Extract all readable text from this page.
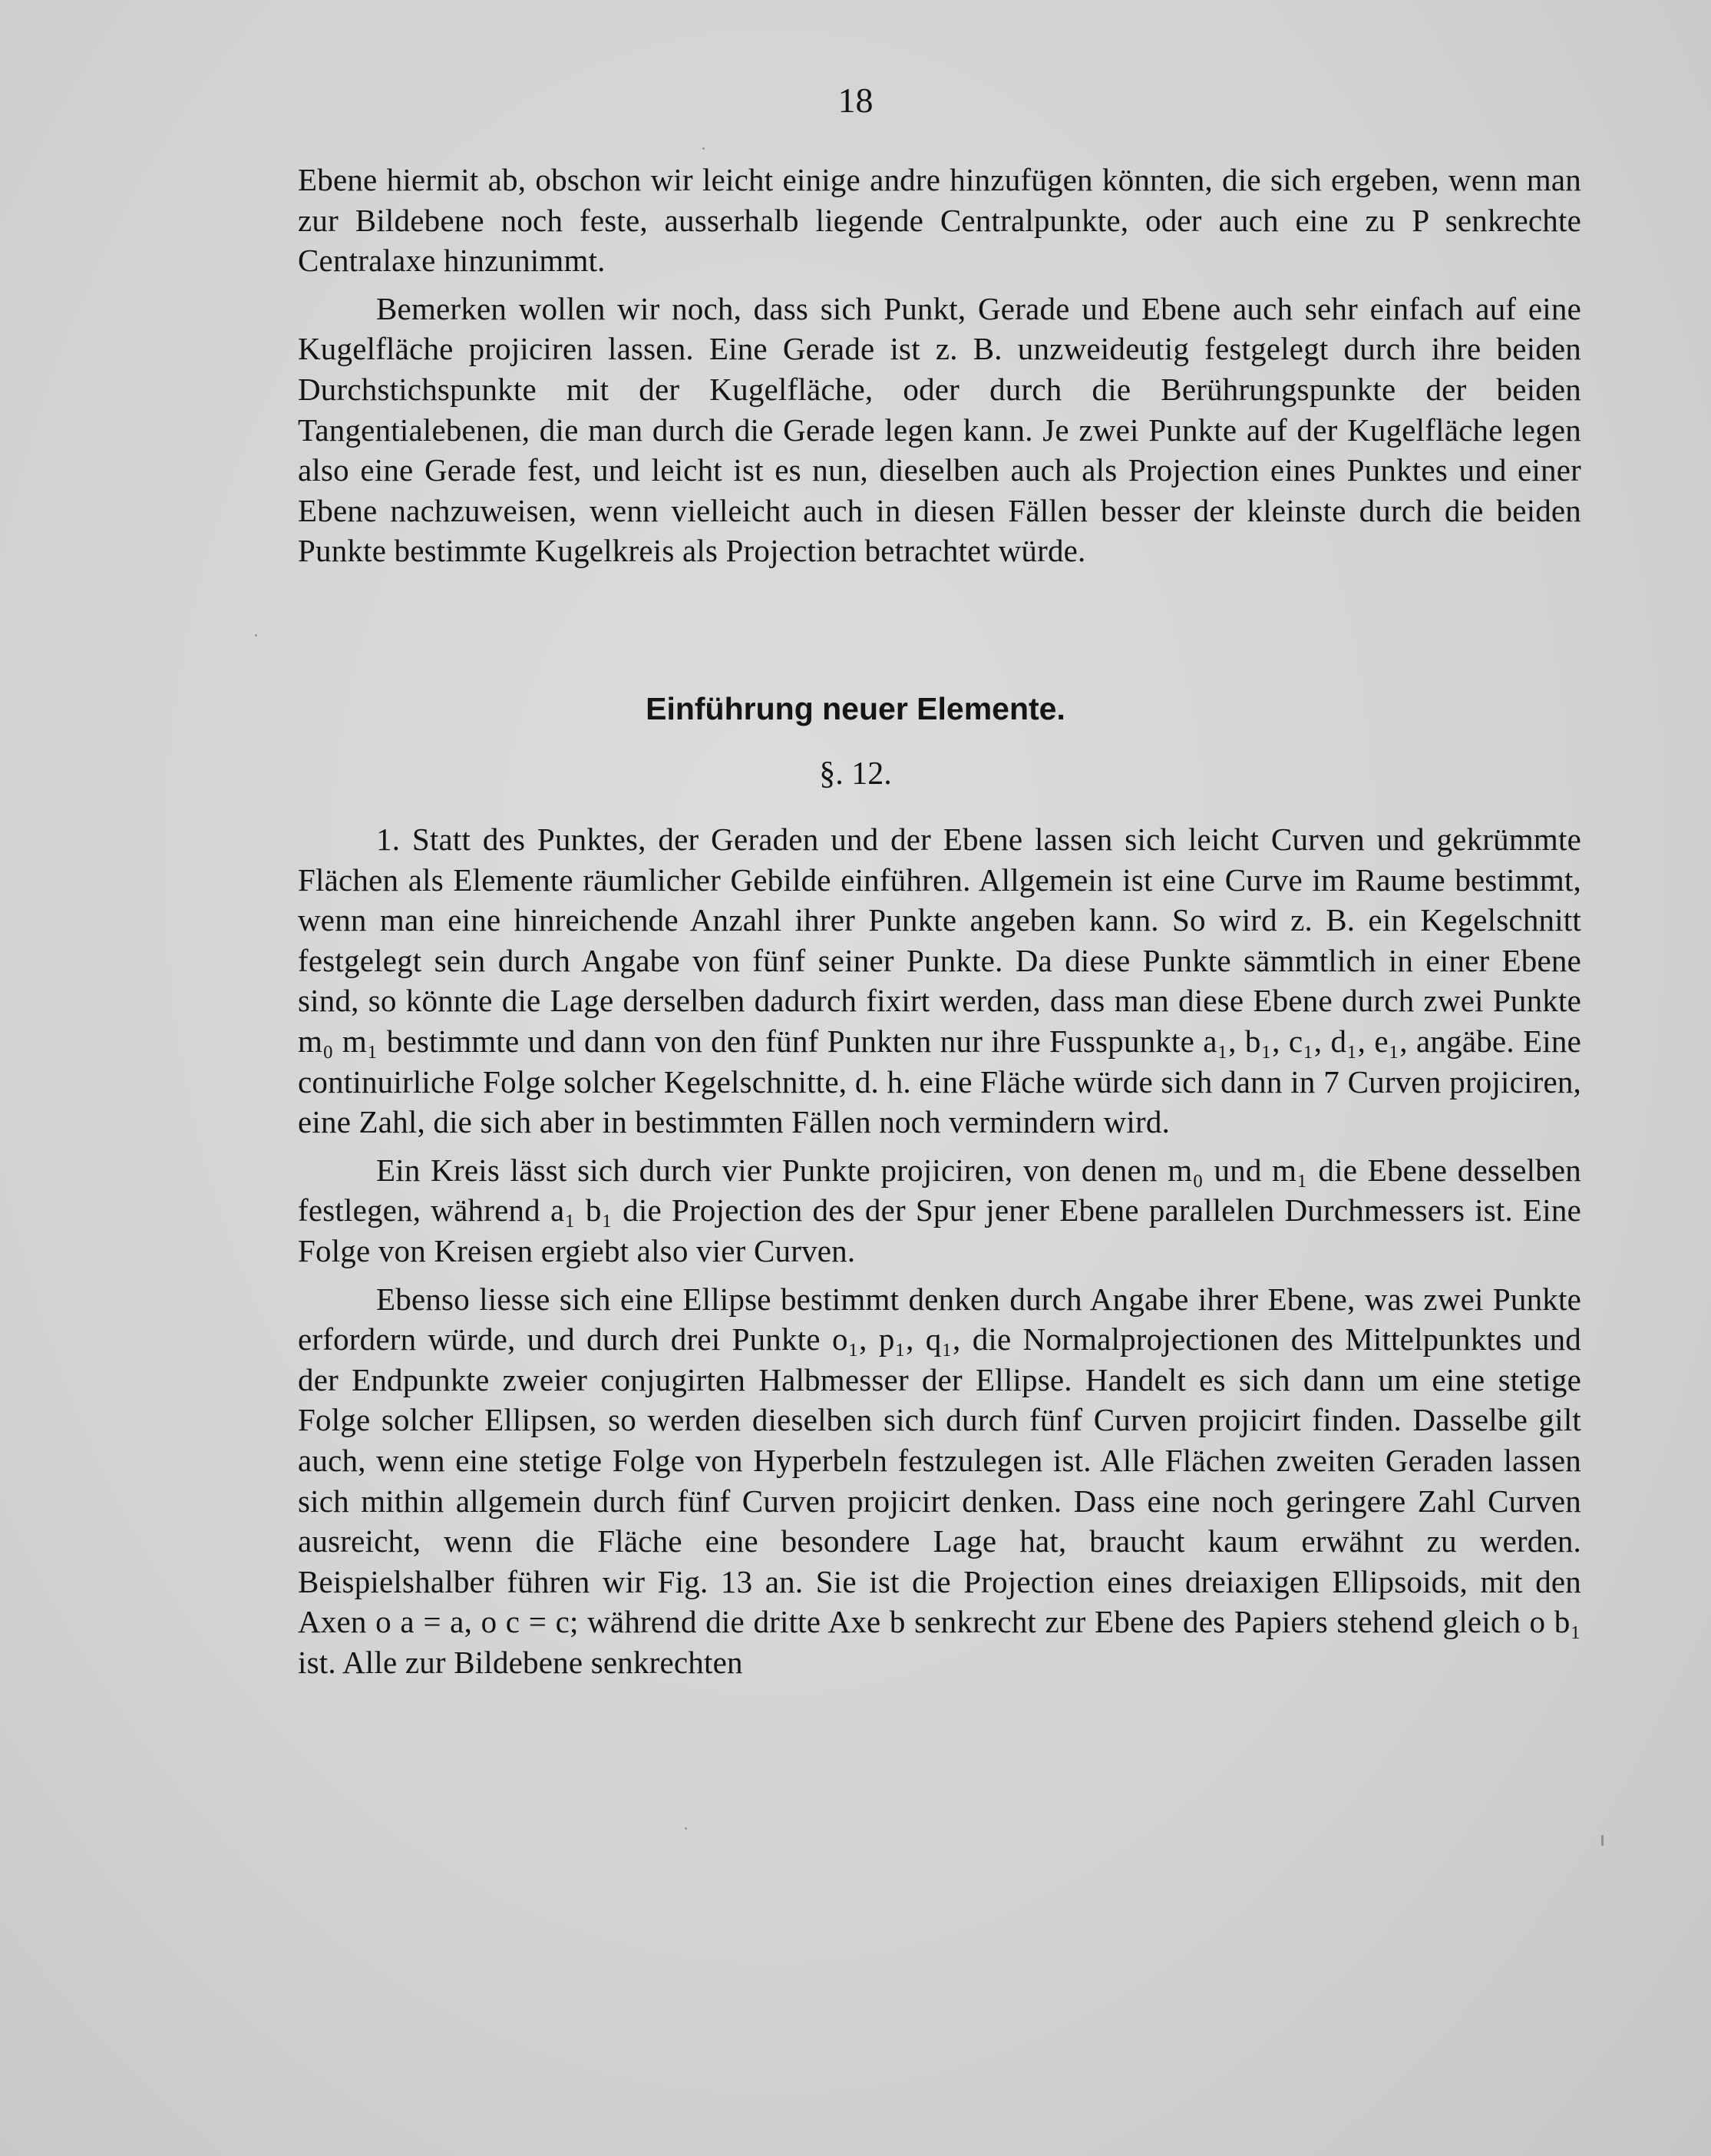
18

Ebene hiermit ab, obschon wir leicht einige andre hinzufügen könnten, die sich ergeben, wenn man zur Bildebene noch feste, ausserhalb liegende Centralpunkte, oder auch eine zu P senkrechte Centralaxe hinzunimmt.

Bemerken wollen wir noch, dass sich Punkt, Gerade und Ebene auch sehr einfach auf eine Kugelfläche projiciren lassen. Eine Gerade ist z. B. unzweideutig festgelegt durch ihre beiden Durchstichspunkte mit der Kugelfläche, oder durch die Berührungspunkte der beiden Tangentialebenen, die man durch die Gerade legen kann. Je zwei Punkte auf der Kugelfläche legen also eine Gerade fest, und leicht ist es nun, dieselben auch als Projection eines Punktes und einer Ebene nachzuweisen, wenn vielleicht auch in diesen Fällen besser der kleinste durch die beiden Punkte bestimmte Kugelkreis als Projection betrachtet würde.

Einführung neuer Elemente.
§. 12.

1. Statt des Punktes, der Geraden und der Ebene lassen sich leicht Curven und gekrümmte Flächen als Elemente räumlicher Gebilde einführen. Allgemein ist eine Curve im Raume bestimmt, wenn man eine hinreichende Anzahl ihrer Punkte angeben kann. So wird z. B. ein Kegelschnitt festgelegt sein durch Angabe von fünf seiner Punkte. Da diese Punkte sämmtlich in einer Ebene sind, so könnte die Lage derselben dadurch fixirt werden, dass man diese Ebene durch zwei Punkte m₀ m₁ bestimmte und dann von den fünf Punkten nur ihre Fusspunkte a₁, b₁, c₁, d₁, e₁, angäbe. Eine continuirliche Folge solcher Kegelschnitte, d. h. eine Fläche würde sich dann in 7 Curven projiciren, eine Zahl, die sich aber in bestimmten Fällen noch vermindern wird.

Ein Kreis lässt sich durch vier Punkte projiciren, von denen m₀ und m₁ die Ebene desselben festlegen, während a₁ b₁ die Projection des der Spur jener Ebene parallelen Durchmessers ist. Eine Folge von Kreisen ergiebt also vier Curven.

Ebenso liesse sich eine Ellipse bestimmt denken durch Angabe ihrer Ebene, was zwei Punkte erfordern würde, und durch drei Punkte o₁, p₁, q₁, die Normalprojectionen des Mittelpunktes und der Endpunkte zweier conjugirten Halbmesser der Ellipse. Handelt es sich dann um eine stetige Folge solcher Ellipsen, so werden dieselben sich durch fünf Curven projicirt finden. Dasselbe gilt auch, wenn eine stetige Folge von Hyperbeln festzulegen ist. Alle Flächen zweiten Geraden lassen sich mithin allgemein durch fünf Curven projicirt denken. Dass eine noch geringere Zahl Curven ausreicht, wenn die Fläche eine besondere Lage hat, braucht kaum erwähnt zu werden. Beispielshalber führen wir Fig. 13 an. Sie ist die Projection eines dreiaxigen Ellipsoids, mit den Axen o a = a, o c = c; während die dritte Axe b senkrecht zur Ebene des Papiers stehend gleich o b₁ ist. Alle zur Bildebene senkrechten
